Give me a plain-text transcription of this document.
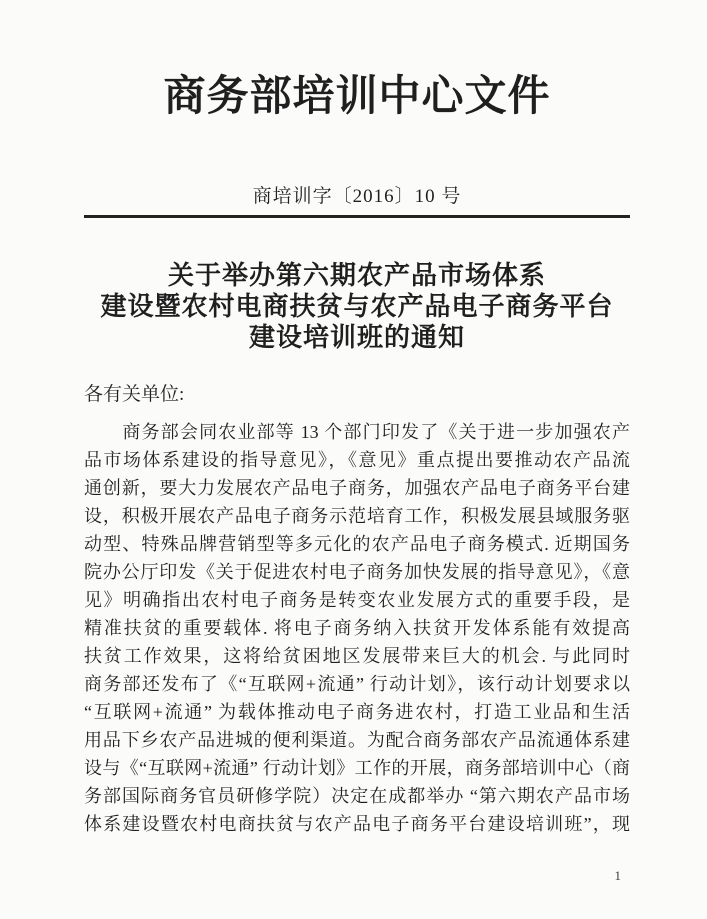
商务部培训中心文件
商培训字〔2016〕10 号
关于举办第六期农产品市场体系
建设暨农村电商扶贫与农产品电子商务平台
建设培训班的通知
各有关单位:
　　商务部会同农业部等 13 个部门印发了《关于进一步加强农产
品市场体系建设的指导意见》，《意见》重点提出要推动农产品流
通创新，要大力发展农产品电子商务，加强农产品电子商务平台建
设，积极开展农产品电子商务示范培育工作，积极发展县域服务驱
动型、特殊品牌营销型等多元化的农产品电子商务模式. 近期国务
院办公厅印发《关于促进农村电子商务加快发展的指导意见》，《意
见》明确指出农村电子商务是转变农业发展方式的重要手段，是
精准扶贫的重要载体. 将电子商务纳入扶贫开发体系能有效提高
扶贫工作效果，这将给贫困地区发展带来巨大的机会. 与此同时
商务部还发布了《“互联网+流通” 行动计划》，该行动计划要求以
“互联网+流通” 为载体推动电子商务进农村，打造工业品和生活
用品下乡农产品进城的便利渠道。为配合商务部农产品流通体系建
设与《“互联网+流通” 行动计划》工作的开展，商务部培训中心（商
务部国际商务官员研修学院）决定在成都举办 “第六期农产品市场
体系建设暨农村电商扶贫与农产品电子商务平台建设培训班”，现
1
